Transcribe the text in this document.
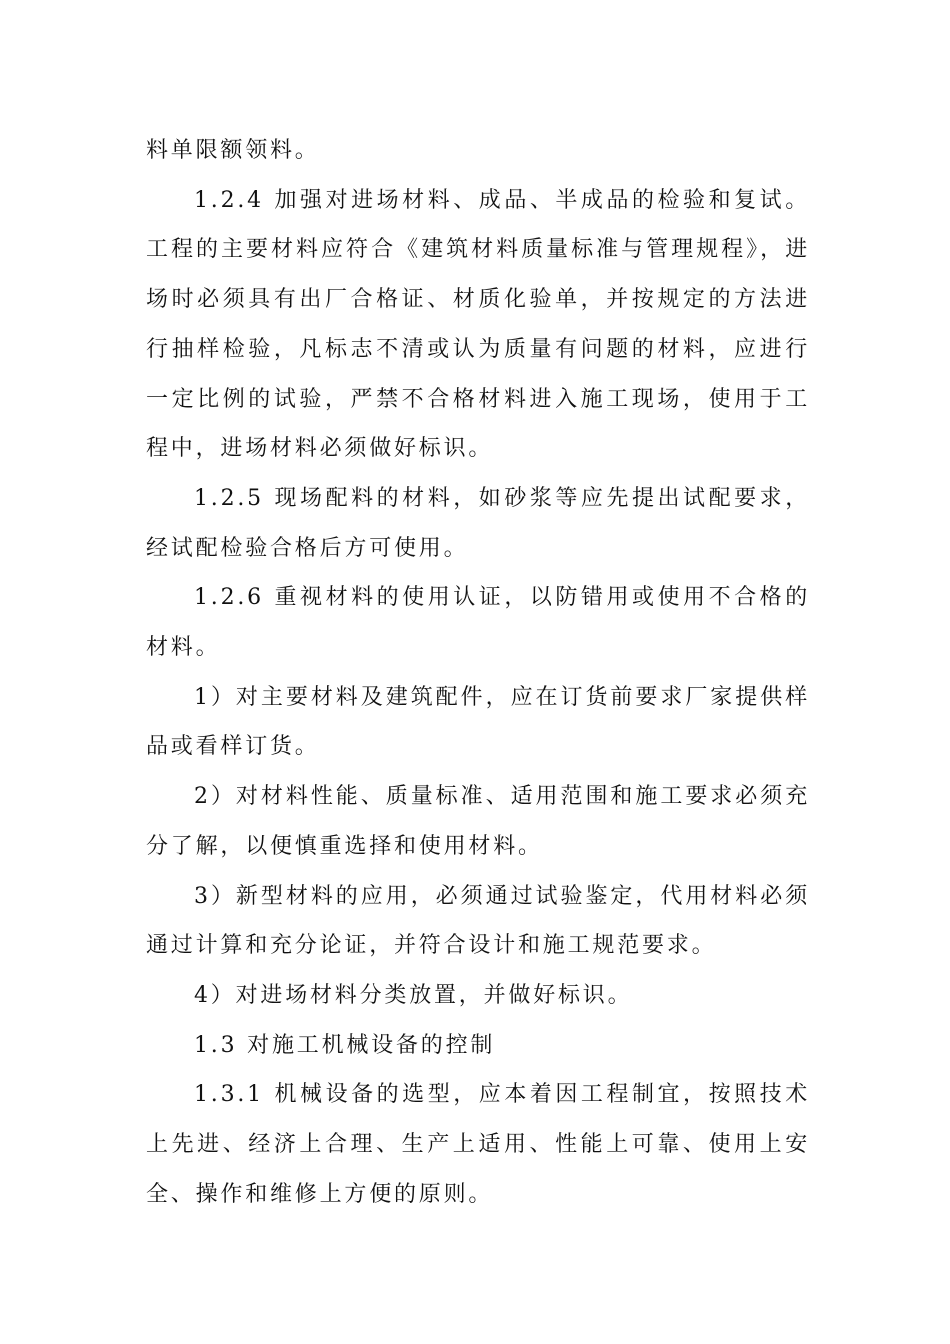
料单限额领料。

1.2.4 加强对进场材料、成品、半成品的检验和复试。工程的主要材料应符合《建筑材料质量标准与管理规程》，进场时必须具有出厂合格证、材质化验单，并按规定的方法进行抽样检验，凡标志不清或认为质量有问题的材料，应进行一定比例的试验，严禁不合格材料进入施工现场，使用于工程中，进场材料必须做好标识。

1.2.5 现场配料的材料，如砂浆等应先提出试配要求，经试配检验合格后方可使用。

1.2.6 重视材料的使用认证，以防错用或使用不合格的材料。

1）对主要材料及建筑配件，应在订货前要求厂家提供样品或看样订货。

2）对材料性能、质量标准、适用范围和施工要求必须充分了解，以便慎重选择和使用材料。

3）新型材料的应用，必须通过试验鉴定，代用材料必须通过计算和充分论证，并符合设计和施工规范要求。

4）对进场材料分类放置，并做好标识。

1.3 对施工机械设备的控制

1.3.1 机械设备的选型，应本着因工程制宜，按照技术上先进、经济上合理、生产上适用、性能上可靠、使用上安全、操作和维修上方便的原则。
